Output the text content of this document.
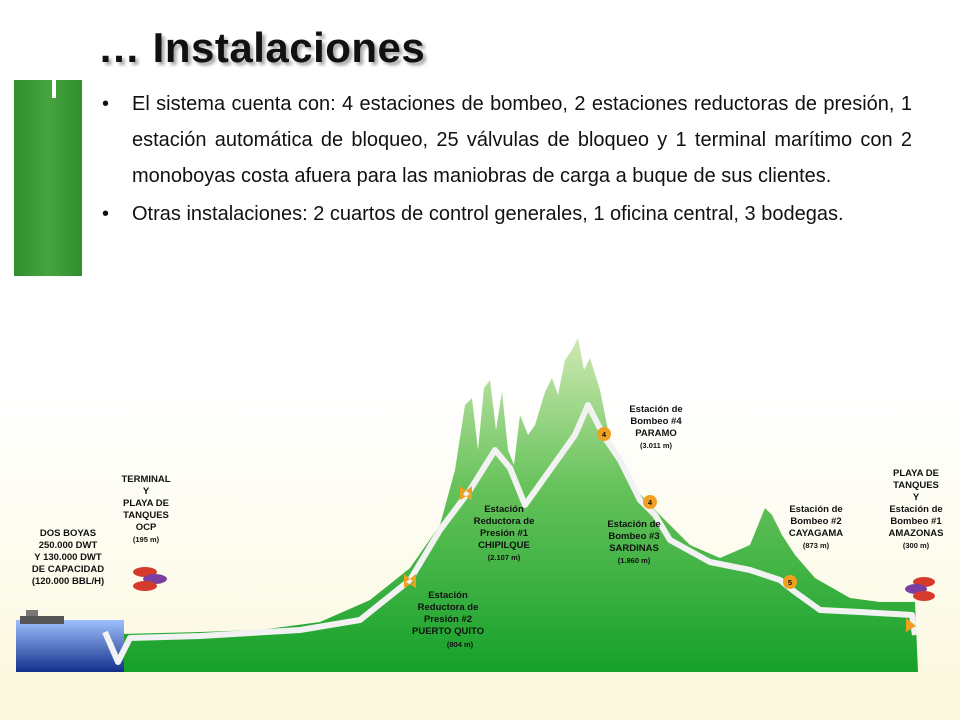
… Instalaciones
• El sistema cuenta con: 4 estaciones de bombeo, 2 estaciones reductoras de presión, 1 estación automática de bloqueo, 25 válvulas de bloqueo y 1 terminal marítimo con 2 monoboyas costa afuera para las maniobras de carga a buque de sus clientes.
• Otras instalaciones: 2 cuartos de control generales, 1 oficina central, 3 bodegas.
4
4
5
DOS BOYAS
250.000 DWT
Y 130.000 DWT
DE CAPACIDAD
(120.000 BBL/H)
TERMINAL
Y
PLAYA DE
TANQUES
OCP
(195 m)
Estación
Reductora de
Presión #2
PUERTO QUITO
(804 m)
Estación
Reductora de
Presión #1
CHIPILQUE
(2.107 m)
Estación de
Bombeo #4
PARAMO
(3.011 m)
Estación de
Bombeo #3
SARDINAS
(1.960 m)
Estación de
Bombeo #2
CAYAGAMA
(873 m)
PLAYA DE
TANQUES
Y
Estación de
Bombeo #1
AMAZONAS
(300 m)
